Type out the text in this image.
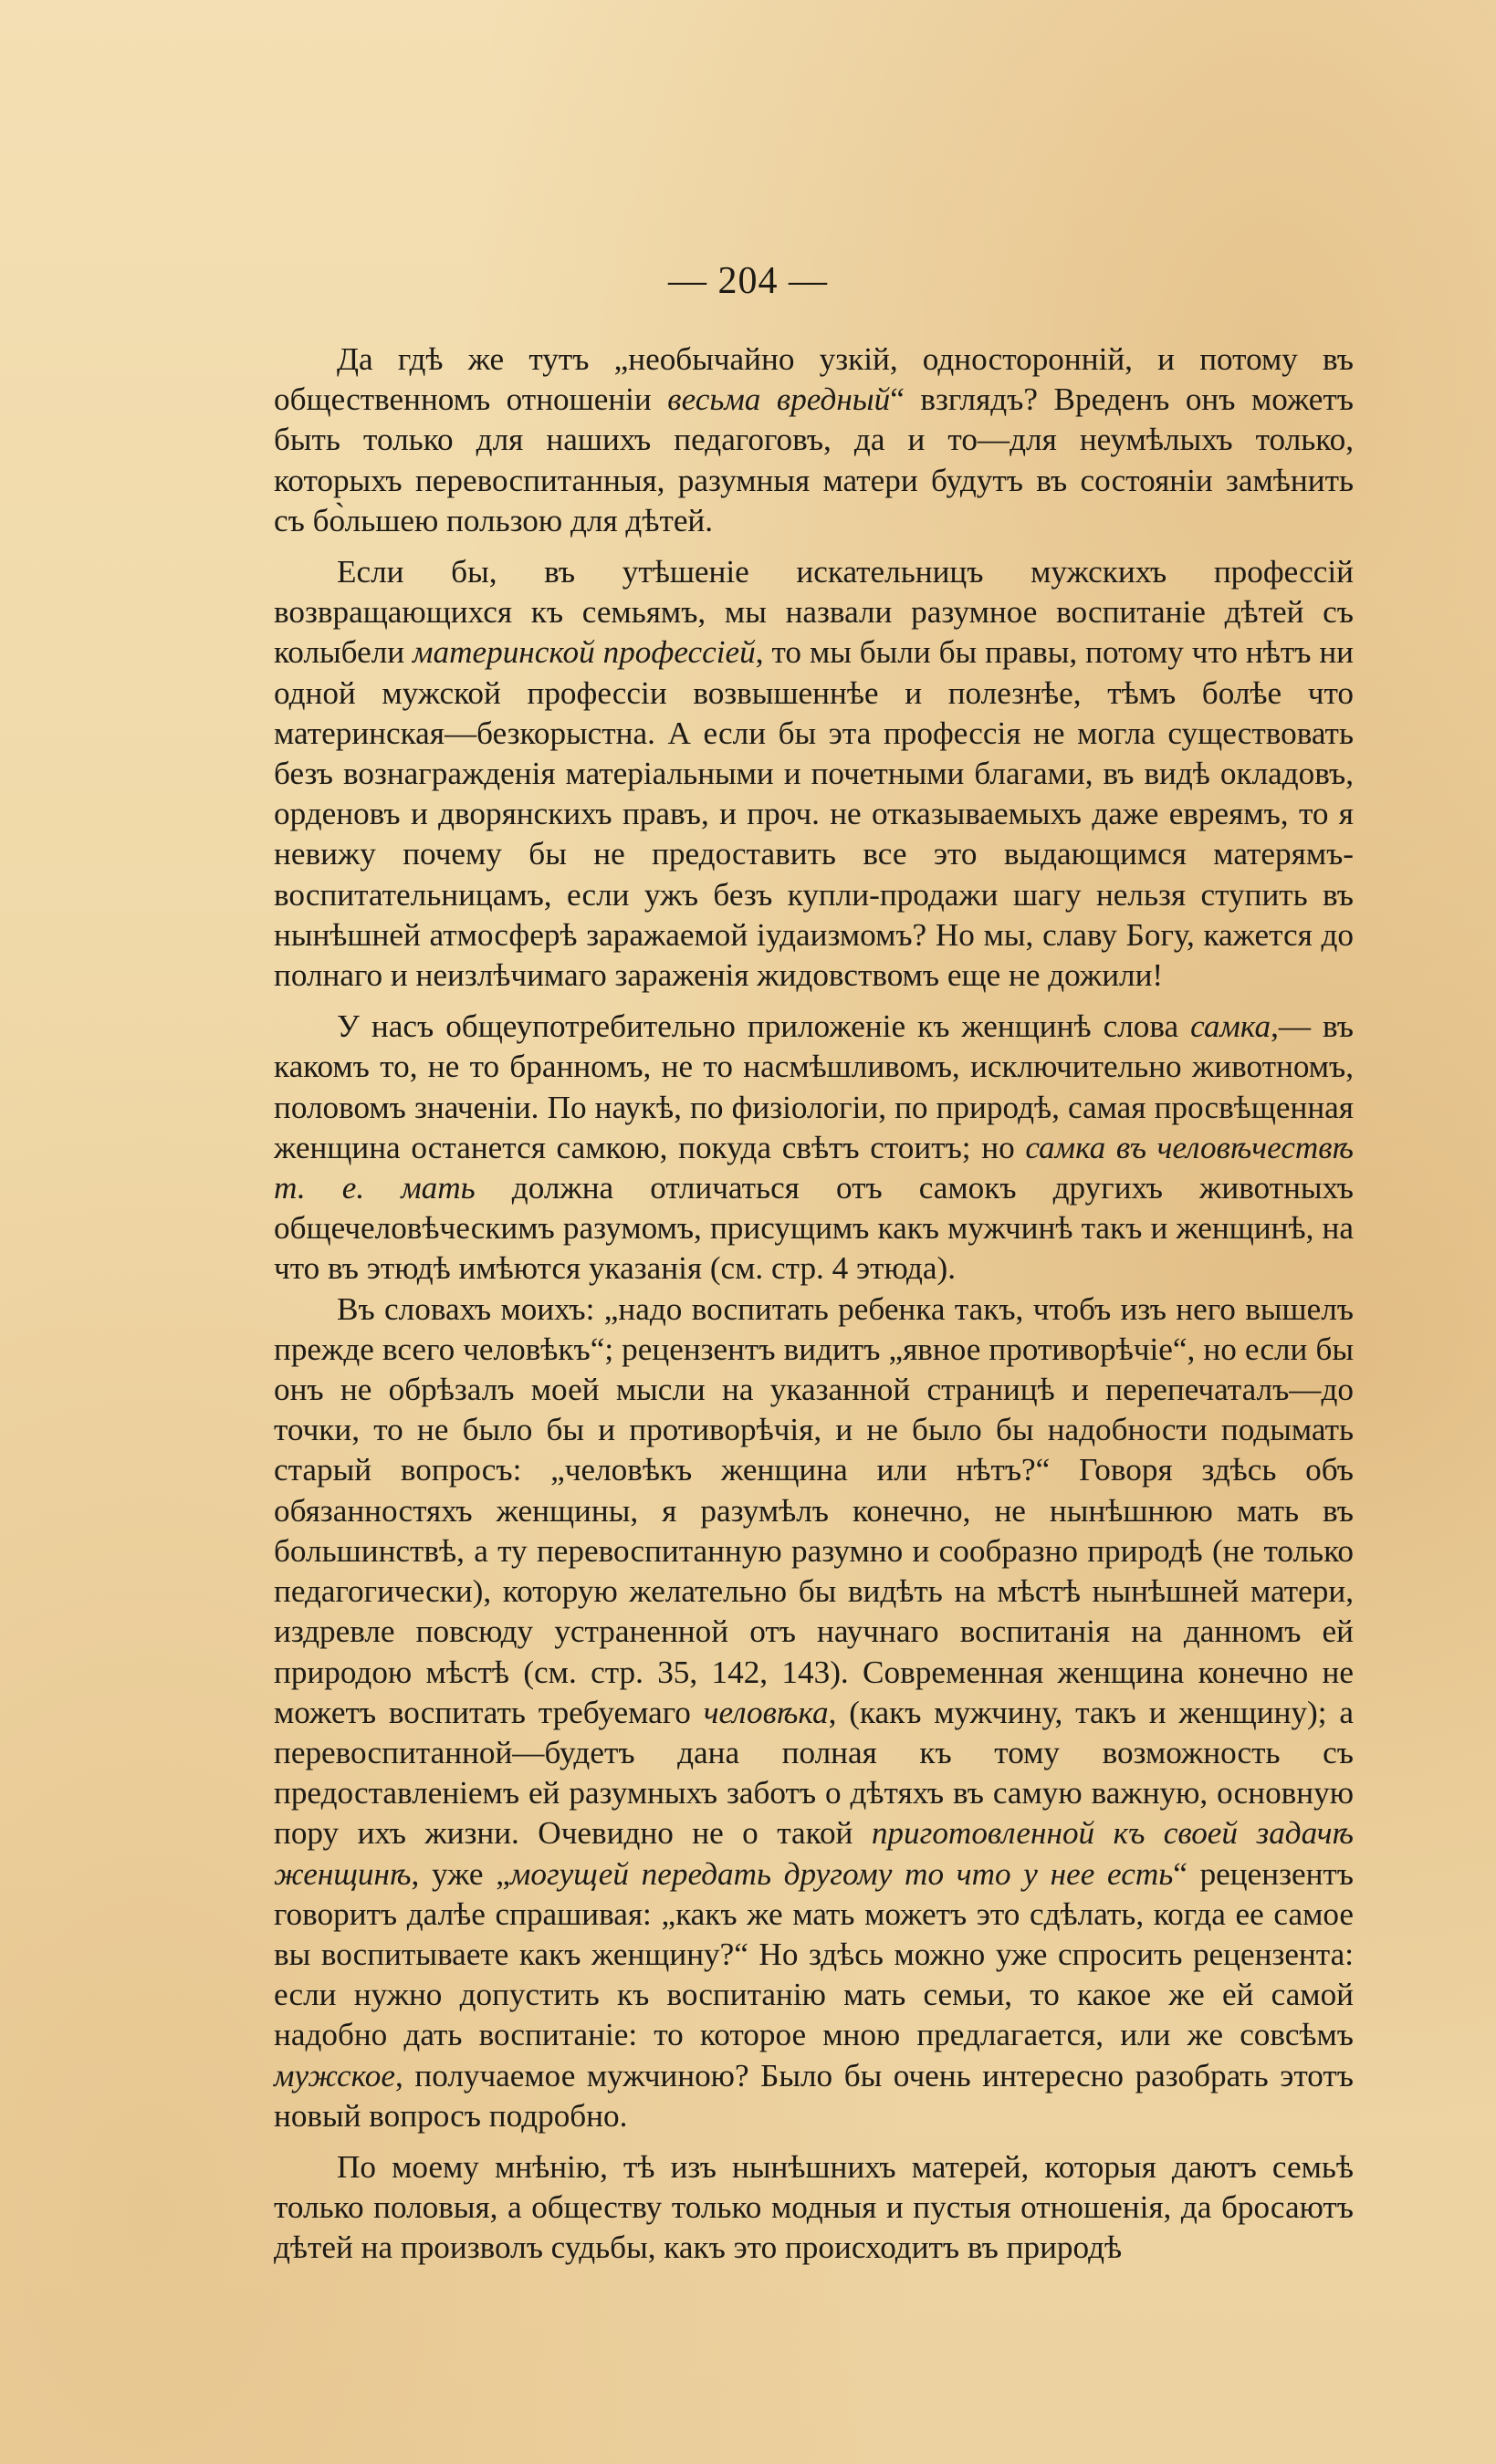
— 204 —

Да гдѣ же тутъ „необычайно узкій, односторонній, и потому въ общественномъ отношеніи весьма вредный“ взглядъ? Вреденъ онъ можетъ быть только для нашихъ педагоговъ, да и то—для неумѣлыхъ только, которыхъ перевоспитанныя, разумныя матери будутъ въ состояніи замѣнить съ бо̀льшею пользою для дѣтей.

Если бы, въ утѣшеніе искательницъ мужскихъ профессій возвращающихся къ семьямъ, мы назвали разумное воспитаніе дѣтей съ колыбели материнской профессіей, то мы были бы правы, потому что нѣтъ ни одной мужской профессіи возвышеннѣе и полезнѣе, тѣмъ болѣе что материнская—безкорыстна. А если бы эта профессія не могла существовать безъ вознагражденія матеріальными и почетными благами, въ видѣ окладовъ, орденовъ и дворянскихъ правъ, и проч. не отказываемыхъ даже евреямъ, то я невижу почему бы не предоставить все это выдающимся матерямъ-воспитательницамъ, если ужъ безъ купли-продажи шагу нельзя ступить въ нынѣшней атмосферѣ заражаемой іудаизмомъ? Но мы, славу Богу, кажется до полнаго и неизлѣчимаго зараженія жидовствомъ еще не дожили!

У насъ общеупотребительно приложеніе къ женщинѣ слова самка,— въ какомъ то, не то бранномъ, не то насмѣшливомъ, исключительно животномъ, половомъ значеніи. По наукѣ, по физіологіи, по природѣ, самая просвѣщенная женщина останется самкою, покуда свѣтъ стоитъ; но самка въ человѣчествѣ т. е. мать должна отличаться отъ самокъ другихъ животныхъ общечеловѣческимъ разумомъ, присущимъ какъ мужчинѣ такъ и женщинѣ, на что въ этюдѣ имѣются указанія (см. стр. 4 этюда).

Въ словахъ моихъ: „надо воспитать ребенка такъ, чтобъ изъ него вышелъ прежде всего человѣкъ“; рецензентъ видитъ „явное противорѣчіе“, но если бы онъ не обрѣзалъ моей мысли на указанной страницѣ и перепечаталъ—до точки, то не было бы и противорѣчія, и не было бы надобности подымать старый вопросъ: „человѣкъ женщина или нѣтъ?“ Говоря здѣсь объ обязанностяхъ женщины, я разумѣлъ конечно, не нынѣшнюю мать въ большинствѣ, а ту перевоспитанную разумно и сообразно природѣ (не только педагогически), которую желательно бы видѣть на мѣстѣ нынѣшней матери, издревле повсюду устраненной отъ научнаго воспитанія на данномъ ей природою мѣстѣ (см. стр. 35, 142, 143). Современная женщина конечно не можетъ воспитать требуемаго человѣка, (какъ мужчину, такъ и женщину); а перевоспитанной—будетъ дана полная къ тому возможность съ предоставленіемъ ей разумныхъ заботъ о дѣтяхъ въ самую важную, основную пору ихъ жизни. Очевидно не о такой приготовленной къ своей задачѣ женщинѣ, уже „могущей передать другому то что у нее есть“ рецензентъ говоритъ далѣе спрашивая: „какъ же мать можетъ это сдѣлать, когда ее самое вы воспитываете какъ женщину?“ Но здѣсь можно уже спросить рецензента: если нужно допустить къ воспитанію мать семьи, то какое же ей самой надобно дать воспитаніе: то которое мною предлагается, или же совсѣмъ мужское, получаемое мужчиною? Было бы очень интересно разобрать этотъ новый вопросъ подробно.

По моему мнѣнію, тѣ изъ нынѣшнихъ матерей, которыя даютъ семьѣ только половыя, а обществу только модныя и пустыя отношенія, да бросаютъ дѣтей на произволъ судьбы, какъ это происходитъ въ природѣ
